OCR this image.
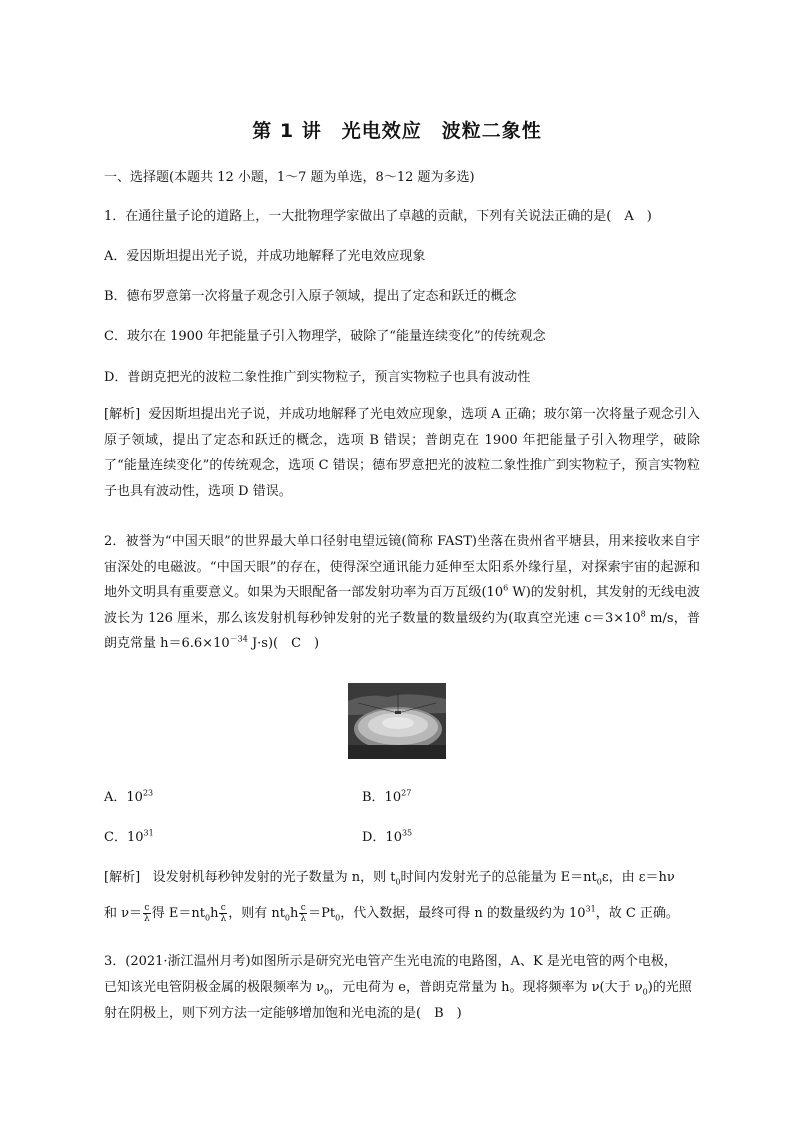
第 1 讲　光电效应　波粒二象性
一、选择题(本题共 12 小题，1～7 题为单选，8～12 题为多选)
1．在通往量子论的道路上，一大批物理学家做出了卓越的贡献，下列有关说法正确的是(　A　)
A．爱因斯坦提出光子说，并成功地解释了光电效应现象
B．德布罗意第一次将量子观念引入原子领域，提出了定态和跃迁的概念
C．玻尔在 1900 年把能量子引入物理学，破除了“能量连续变化”的传统观念
D．普朗克把光的波粒二象性推广到实物粒子，预言实物粒子也具有波动性
[解析] 爱因斯坦提出光子说，并成功地解释了光电效应现象，选项 A 正确；玻尔第一次将量子观念引入原子领域，提出了定态和跃迁的概念，选项 B 错误；普朗克在 1900 年把能量子引入物理学，破除了“能量连续变化”的传统观念，选项 C 错误；德布罗意把光的波粒二象性推广到实物粒子，预言实物粒子也具有波动性，选项 D 错误。
2．被誉为“中国天眼”的世界最大单口径射电望远镜(简称 FAST)坐落在贵州省平塘县，用来接收来自宇宙深处的电磁波。“中国天眼”的存在，使得深空通讯能力延伸至太阳系外缘行星，对探索宇宙的起源和地外文明具有重要意义。如果为天眼配备一部发射功率为百万瓦级($10^6$ W)的发射机，其发射的无线电波波长为 126 厘米，那么该发射机每秒钟发射的光子数量的数量级约为(取真空光速 $c=3\times 10^8$ m/s，普朗克常量 $h=6.6\times 10^{-34}$ J·s)(　C　)
A．$10^{23}$	B．$10^{27}$
C．$10^{31}$	D．$10^{35}$
[解析] 设发射机每秒钟发射的光子数量为 n，则 $t_0$时间内发射光子的总能量为 $E=nt_0\varepsilon$，由 ε＝hν
和 $\nu= \frac{c}{\lambda}$ 得 $E=nt_0h \frac{c}{\lambda}$ ，则有 $nt_0h \frac{c}{\lambda} =Pt_0$，代入数据，最终可得 n 的数量级约为 $10^{31}$，故 C 正确。
3．(2021·浙江温州月考)如图所示是研究光电管产生光电流的电路图，A、K 是光电管的两个电极，
已知该光电管阴极金属的极限频率为 $\nu_0$，元电荷为 e，普朗克常量为 h。现将频率为 ν(大于 $\nu_0$)的光照
射在阴极上，则下列方法一定能够增加饱和光电流的是(　B　)
